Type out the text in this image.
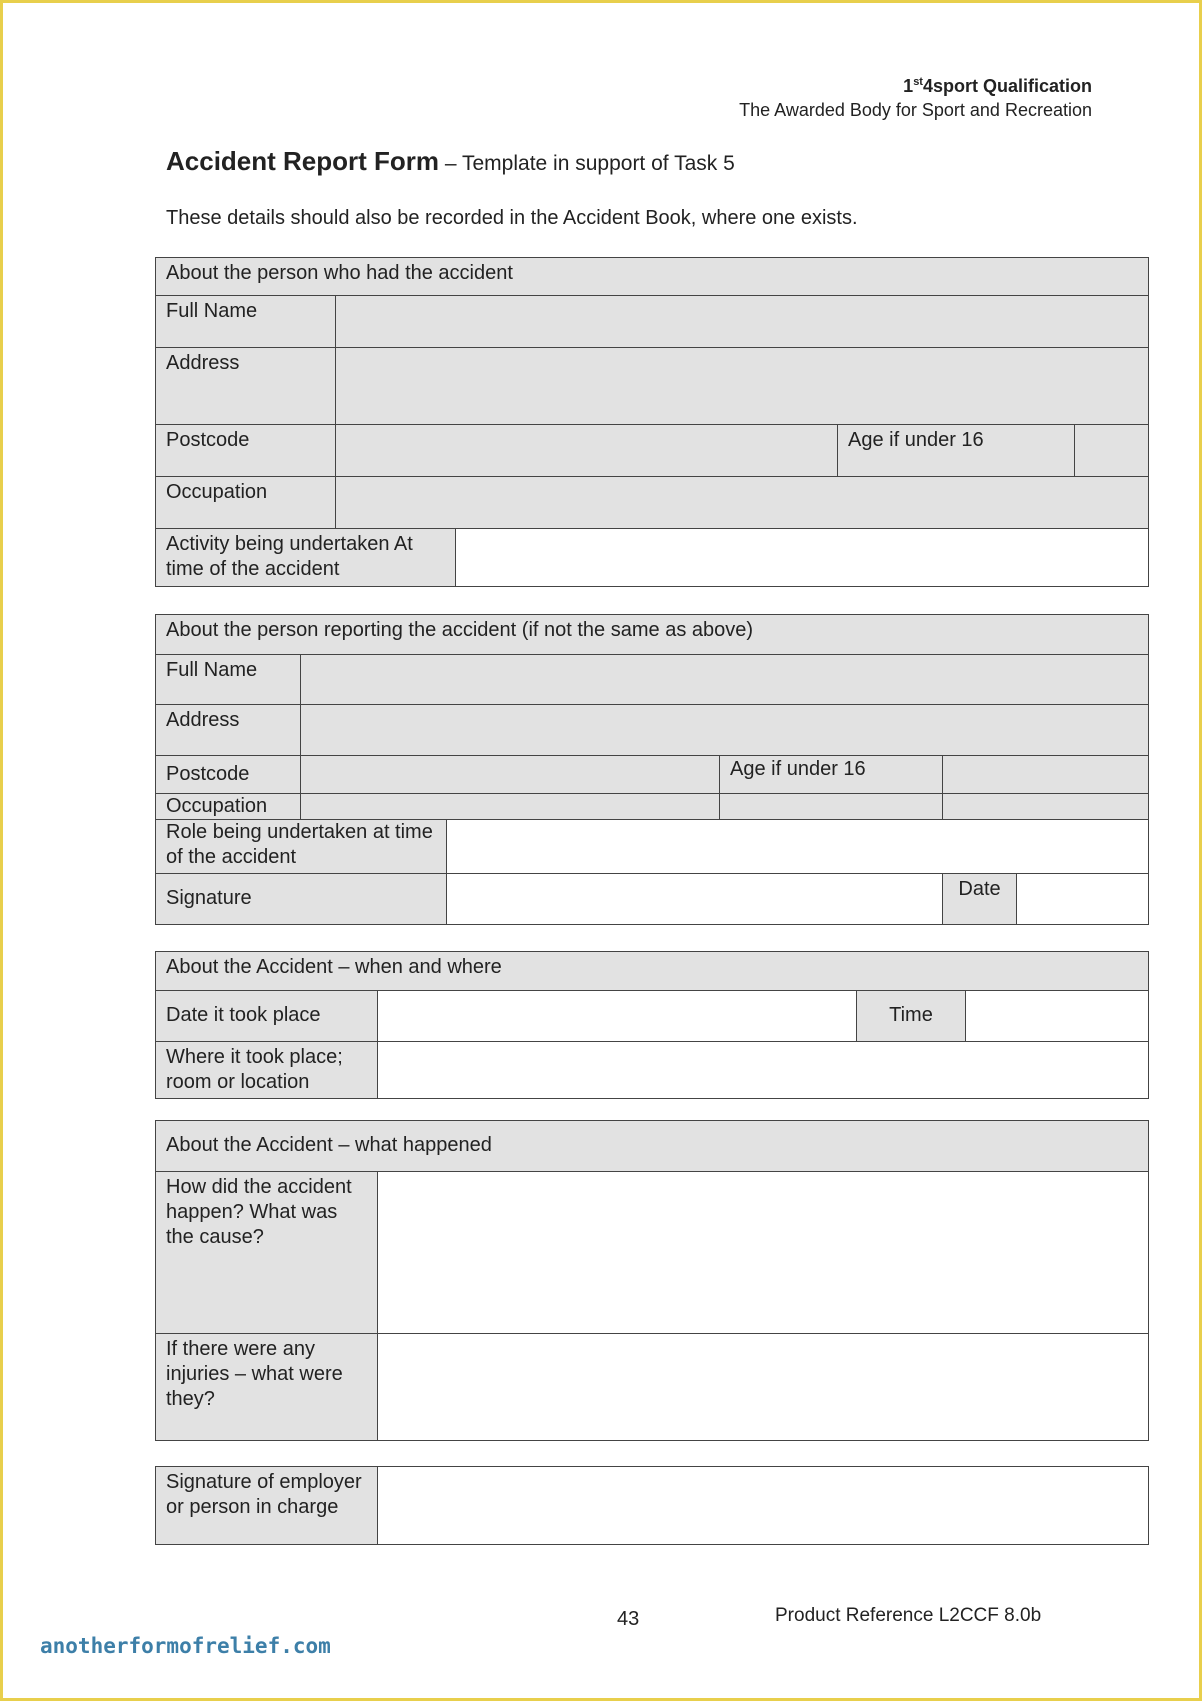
1st4sport Qualification
The Awarded Body for Sport and Recreation
Accident Report Form – Template in support of Task 5
These details should also be recorded in the Accident Book, where one exists.
About the person who had the accident				
Full Name				
Address				
Postcode			Age if under 16	
Occupation				
Activity being undertaken At time of the accident				
About the person reporting the accident (if not the same as above)					
Full Name					
Address					
Postcode			Age if under 16		
Occupation					
Role being undertaken at time of the accident					
Signature				Date	
About the Accident – when and where			
Date it took place		Time	
Where it took place; room or location			
About the Accident – what happened	
How did the accident happen? What was the cause?	
If there were any injuries – what were they?	
Signature of employer or person in charge	
43	Product Reference L2CCF 8.0b
anotherformofrelief.com
